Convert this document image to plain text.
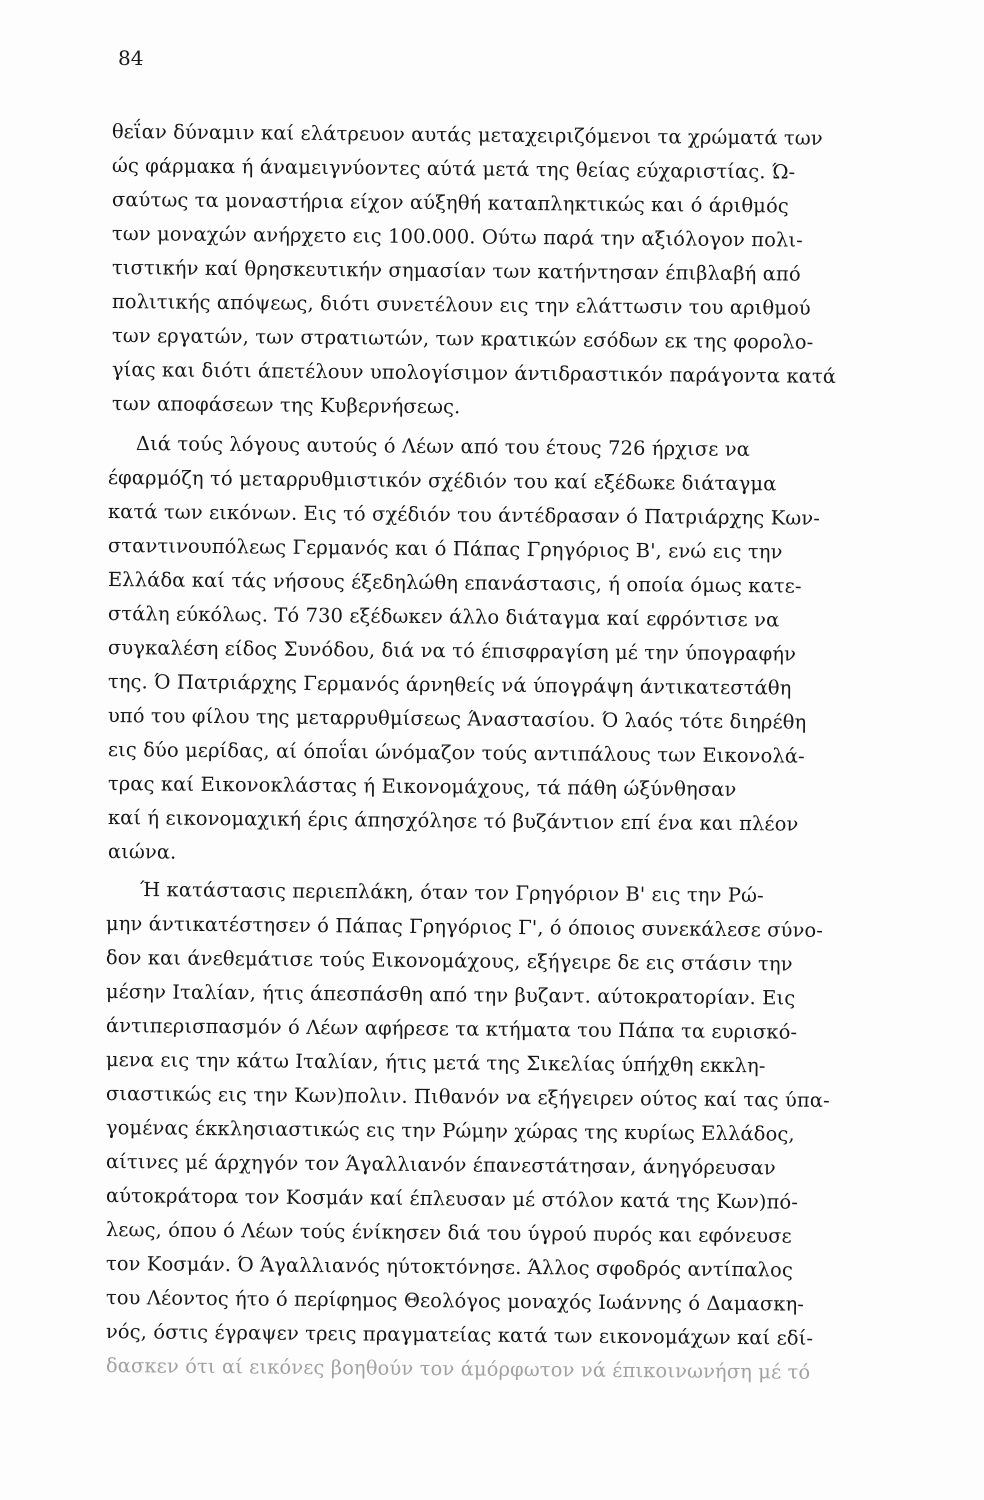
84
θεΐαν δύναμιν καί ελάτρευον αυτάς μεταχειριζόμενοι τα χρώματά των
ώς φάρμακα ή άναμειγνύοντες αύτά μετά της θείας εύχαριστίας. Ώ-
σαύτως τα μοναστήρια είχον αύξηθή καταπληκτικώς και ό άριθμός
των μοναχών ανήρχετο εις 100.000. Ούτω παρά την αξιόλογον πολι-
τιστικήν καί θρησκευτικήν σημασίαν των κατήντησαν έπιβλαβή από
πολιτικής απόψεως, διότι συνετέλουν εις την ελάττωσιν του αριθμού
των εργατών, των στρατιωτών, των κρατικών εσόδων εκ της φορολο-
γίας και διότι άπετέλουν υπολογίσιμον άντιδραστικόν παράγοντα κατά
των αποφάσεων της Κυβερνήσεως.
Διά τούς λόγους αυτούς ό Λέων από του έτους 726 ήρχισε να
έφαρμόζη τό μεταρρυθμιστικόν σχέδιόν του καί εξέδωκε διάταγμα
κατά των εικόνων. Εις τό σχέδιόν του άντέδρασαν ό Πατριάρχης Κων-
σταντινουπόλεως Γερμανός και ό Πάπας Γρηγόριος Β', ενώ εις την
Ελλάδα καί τάς νήσους έξεδηλώθη επανάστασις, ή οποία όμως κατε-
στάλη εύκόλως. Τό 730 εξέδωκεν άλλο διάταγμα καί εφρόντισε να
συγκαλέση είδος Συνόδου, διά να τό έπισφραγίση μέ την ύπογραφήν
της. Ό Πατριάρχης Γερμανός άρνηθείς νά ύπογράψη άντικατεστάθη
υπό του φίλου της μεταρρυθμίσεως Άναστασίου. Ό λαός τότε διηρέθη
εις δύο μερίδας, αί όποΐαι ώνόμαζον τούς αντιπάλους των Εικονολά-
τρας καί Εικονοκλάστας ή Εικονομάχους, τά πάθη ώξύνθησαν
καί ή εικονομαχική έρις άπησχόλησε τό βυζάντιον επί ένα και πλέον
αιώνα.
Ή κατάστασις περιεπλάκη, όταν τον Γρηγόριον Β' εις την Ρώ-
μην άντικατέστησεν ό Πάπας Γρηγόριος Γ', ό όποιος συνεκάλεσε σύνο-
δον και άνεθεμάτισε τούς Εικονομάχους, εξήγειρε δε εις στάσιν την
μέσην Ιταλίαν, ήτις άπεσπάσθη από την βυζαντ. αύτοκρατορίαν. Εις
άντιπερισπασμόν ό Λέων αφήρεσε τα κτήματα του Πάπα τα ευρισκό-
μενα εις την κάτω Ιταλίαν, ήτις μετά της Σικελίας ύπήχθη εκκλη-
σιαστικώς εις την Κων)πολιν. Πιθανόν να εξήγειρεν ούτος καί τας ύπα-
γομένας έκκλησιαστικώς εις την Ρώμην χώρας της κυρίως Ελλάδος,
αίτινες μέ άρχηγόν τον Άγαλλιανόν έπανεστάτησαν, άνηγόρευσαν
αύτοκράτορα τον Κοσμάν καί έπλευσαν μέ στόλον κατά της Κων)πό-
λεως, όπου ό Λέων τούς ένίκησεν διά του ύγρού πυρός και εφόνευσε
τον Κοσμάν. Ό Άγαλλιανός ηύτοκτόνησε. Άλλος σφοδρός αντίπαλος
του Λέοντος ήτο ό περίφημος Θεολόγος μοναχός Ιωάννης ό Δαμασκη-
νός, όστις έγραψεν τρεις πραγματείας κατά των εικονομάχων καί εδί-
δασκεν ότι αί εικόνες βοηθούν τον άμόρφωτον νά έπικοινωνήση μέ τό
